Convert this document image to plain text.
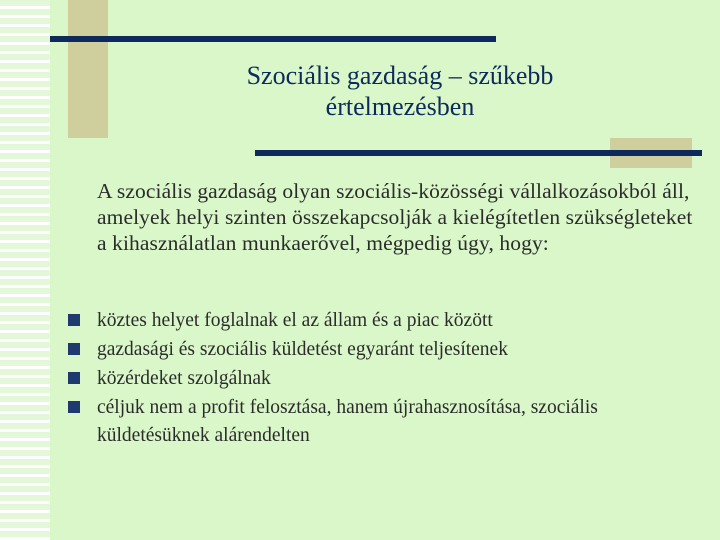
Szociális gazdaság – szűkebb
értelmezésben
A szociális gazdaság olyan szociális-közösségi vállalkozásokból áll, amelyek helyi szinten összekapcsolják a kielégítetlen szükségleteket a kihasználatlan munkaerővel, mégpedig úgy, hogy:
köztes helyet foglalnak el az állam és a piac között
gazdasági és szociális küldetést egyaránt teljesítenek
közérdeket szolgálnak
céljuk nem a profit felosztása, hanem újrahasznosítása, szociális küldetésüknek alárendelten
